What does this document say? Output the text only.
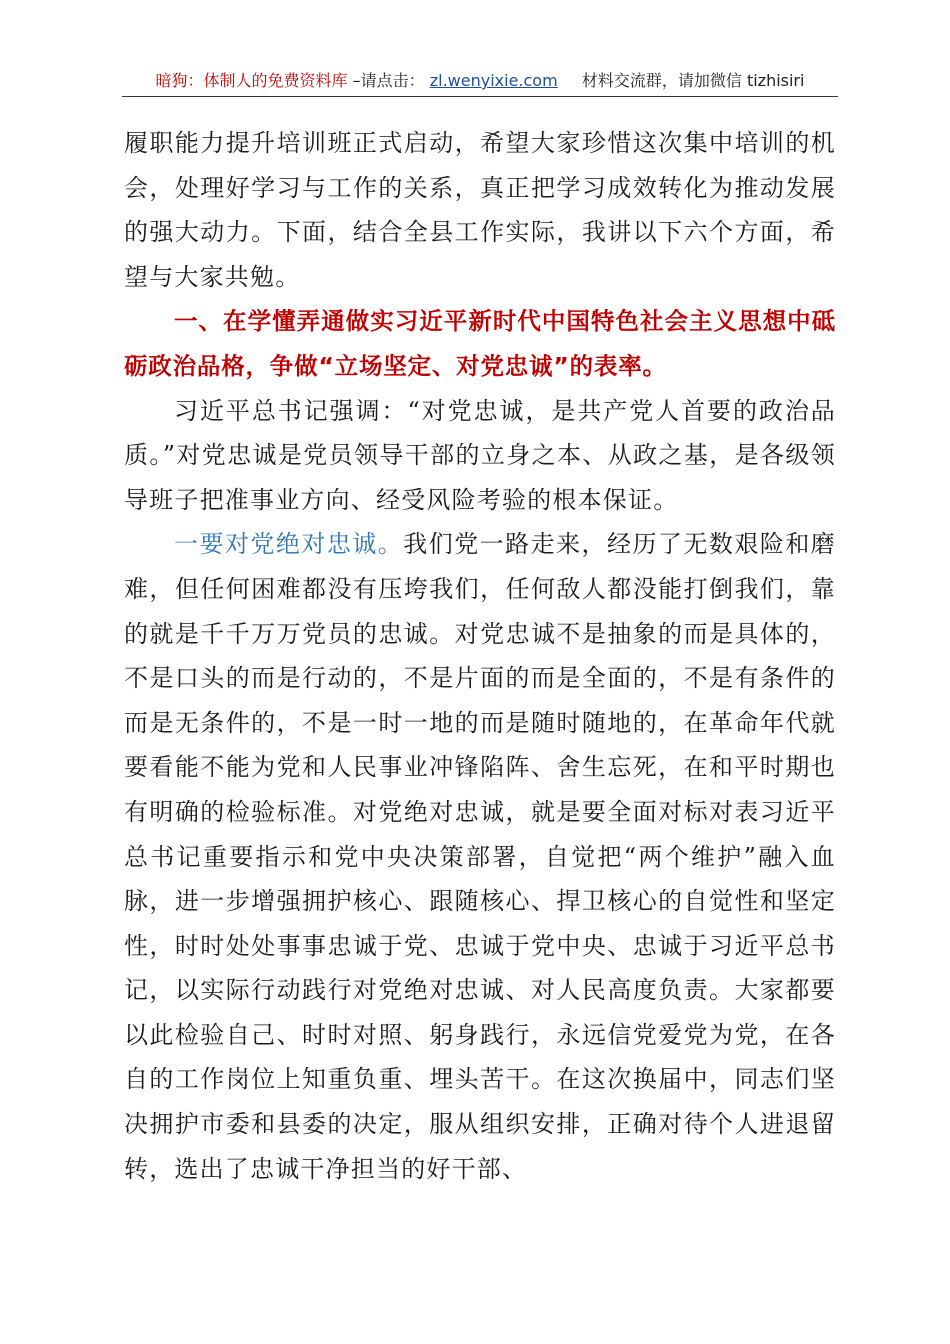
暗狗：体制人的免费资料库 –请点击： zl.wenyixie.com 材料交流群，请加微信 tizhisiri

履职能力提升培训班正式启动，希望大家珍惜这次集中培训的机会，处理好学习与工作的关系，真正把学习成效转化为推动发展的强大动力。下面，结合全县工作实际，我讲以下六个方面，希望与大家共勉。

一、在学懂弄通做实习近平新时代中国特色社会主义思想中砥砺政治品格，争做“立场坚定、对党忠诚”的表率。

习近平总书记强调：“对党忠诚，是共产党人首要的政治品质。”对党忠诚是党员领导干部的立身之本、从政之基，是各级领导班子把准事业方向、经受风险考验的根本保证。

一要对党绝对忠诚。我们党一路走来，经历了无数艰险和磨难，但任何困难都没有压垮我们，任何敌人都没能打倒我们，靠的就是千千万万党员的忠诚。对党忠诚不是抽象的而是具体的，不是口头的而是行动的，不是片面的而是全面的，不是有条件的而是无条件的，不是一时一地的而是随时随地的，在革命年代就要看能不能为党和人民事业冲锋陷阵、舍生忘死，在和平时期也有明确的检验标准。对党绝对忠诚，就是要全面对标对表习近平总书记重要指示和党中央决策部署，自觉把“两个维护”融入血脉，进一步增强拥护核心、跟随核心、捍卫核心的自觉性和坚定性，时时处处事事忠诚于党、忠诚于党中央、忠诚于习近平总书记，以实际行动践行对党绝对忠诚、对人民高度负责。大家都要以此检验自己、时时对照、躬身践行，永远信党爱党为党，在各自的工作岗位上知重负重、埋头苦干。在这次换届中，同志们坚决拥护市委和县委的决定，服从组织安排，正确对待个人进退留转，选出了忠诚干净担当的好干部、
